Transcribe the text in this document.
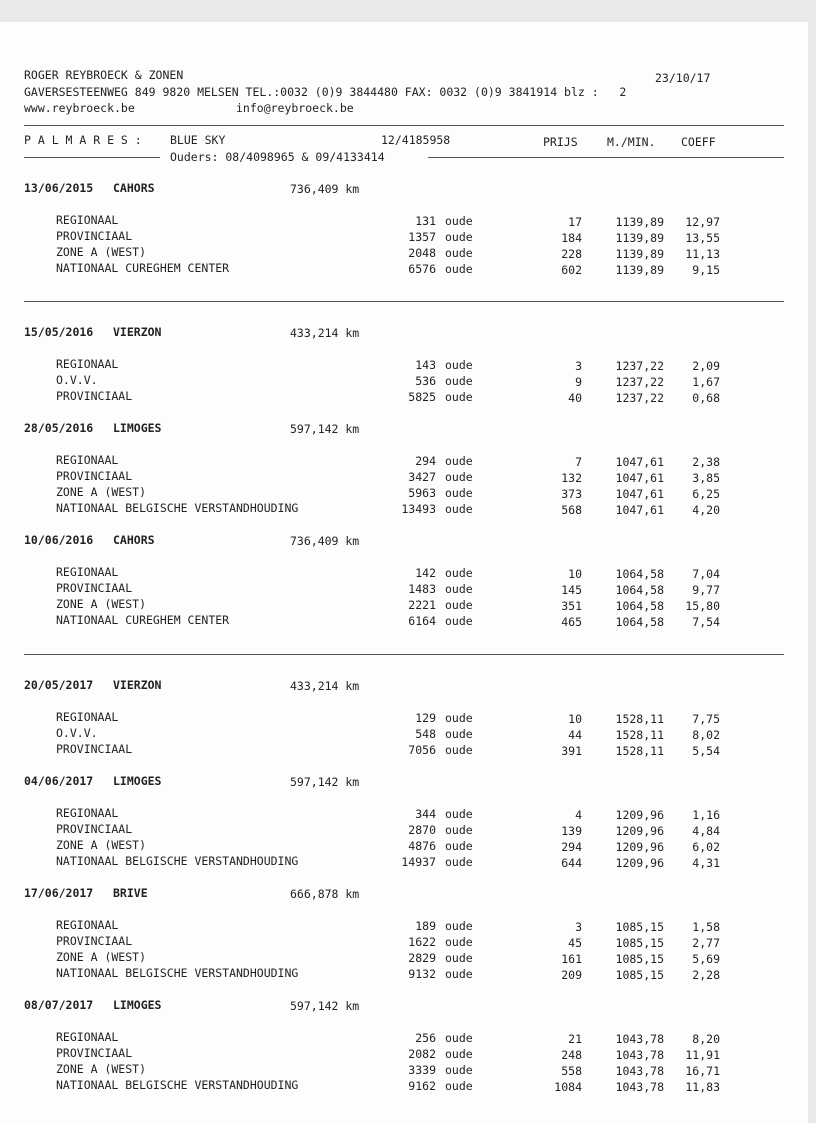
ROGER REYBROECK & ZONEN	23/10/17
GAVERSESTEENWEG 849 9820 MELSEN TEL.:0032 (0)9 3844480 FAX: 0032 (0)9 3841914 blz :   2
www.reybroeck.be	info@reybroeck.be
P A L M A R E S : BLUE SKY	12/4185958	PRIJS	M./MIN. COEFF
Ouders: 08/4098965 & 09/4133414
13/06/2015 CAHORS	736,409 km
REGIONAAL	131 oude	17	1139,89	12,97
PROVINCIAAL	1357 oude	184	1139,89	13,55
ZONE A (WEST)	2048 oude	228	1139,89	11,13
NATIONAAL CUREGHEM CENTER	6576 oude	602	1139,89	9,15
15/05/2016 VIERZON	433,214 km
REGIONAAL	143 oude	3	1237,22	2,09
O.V.V.	536 oude	9	1237,22	1,67
PROVINCIAAL	5825 oude	40	1237,22	0,68
28/05/2016 LIMOGES	597,142 km
REGIONAAL	294 oude	7	1047,61	2,38
PROVINCIAAL	3427 oude	132	1047,61	3,85
ZONE A (WEST)	5963 oude	373	1047,61	6,25
NATIONAAL BELGISCHE VERSTANDHOUDING	13493 oude	568	1047,61	4,20
10/06/2016 CAHORS	736,409 km
REGIONAAL	142 oude	10	1064,58	7,04
PROVINCIAAL	1483 oude	145	1064,58	9,77
ZONE A (WEST)	2221 oude	351	1064,58	15,80
NATIONAAL CUREGHEM CENTER	6164 oude	465	1064,58	7,54
20/05/2017 VIERZON	433,214 km
REGIONAAL	129 oude	10	1528,11	7,75
O.V.V.	548 oude	44	1528,11	8,02
PROVINCIAAL	7056 oude	391	1528,11	5,54
04/06/2017 LIMOGES	597,142 km
REGIONAAL	344 oude	4	1209,96	1,16
PROVINCIAAL	2870 oude	139	1209,96	4,84
ZONE A (WEST)	4876 oude	294	1209,96	6,02
NATIONAAL BELGISCHE VERSTANDHOUDING	14937 oude	644	1209,96	4,31
17/06/2017 BRIVE	666,878 km
REGIONAAL	189 oude	3	1085,15	1,58
PROVINCIAAL	1622 oude	45	1085,15	2,77
ZONE A (WEST)	2829 oude	161	1085,15	5,69
NATIONAAL BELGISCHE VERSTANDHOUDING	9132 oude	209	1085,15	2,28
08/07/2017 LIMOGES	597,142 km
REGIONAAL	256 oude	21	1043,78	8,20
PROVINCIAAL	2082 oude	248	1043,78	11,91
ZONE A (WEST)	3339 oude	558	1043,78	16,71
NATIONAAL BELGISCHE VERSTANDHOUDING	9162 oude	1084	1043,78	11,83
